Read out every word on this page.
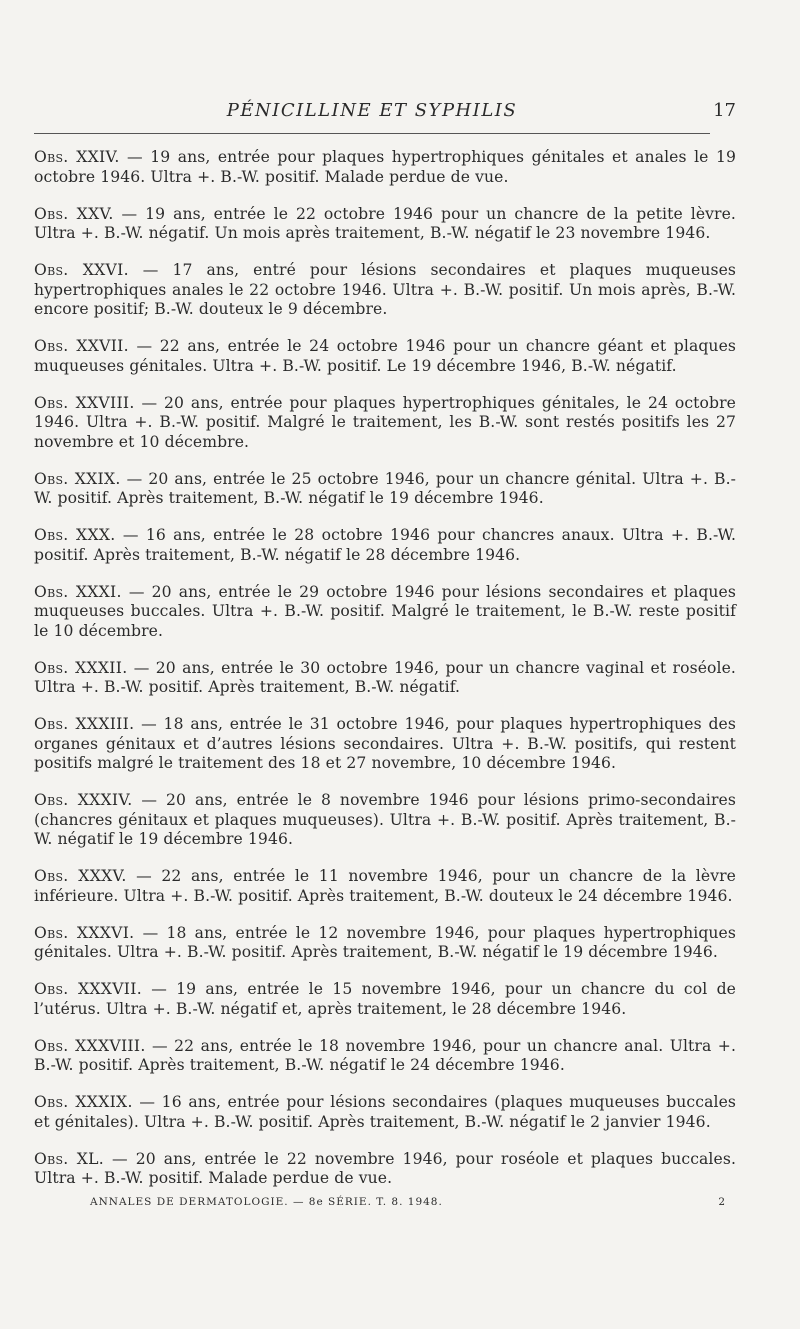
PÉNICILLINE ET SYPHILIS	17

Obs. XXIV. — 19 ans, entrée pour plaques hypertrophiques génitales et anales le 19 octobre 1946. Ultra +. B.-W. positif. Malade perdue de vue.

Obs. XXV. — 19 ans, entrée le 22 octobre 1946 pour un chancre de la petite lèvre. Ultra +. B.-W. négatif. Un mois après traitement, B.-W. négatif le 23 novembre 1946.

Obs. XXVI. — 17 ans, entré pour lésions secondaires et plaques muqueuses hypertrophiques anales le 22 octobre 1946. Ultra +. B.-W. positif. Un mois après, B.-W. encore positif; B.-W. douteux le 9 décembre.

Obs. XXVII. — 22 ans, entrée le 24 octobre 1946 pour un chancre géant et plaques muqueuses génitales. Ultra +. B.-W. positif. Le 19 décembre 1946, B.-W. négatif.

Obs. XXVIII. — 20 ans, entrée pour plaques hypertrophiques génitales, le 24 octobre 1946. Ultra +. B.-W. positif. Malgré le traitement, les B.-W. sont restés positifs les 27 novembre et 10 décembre.

Obs. XXIX. — 20 ans, entrée le 25 octobre 1946, pour un chancre génital. Ultra +. B.-W. positif. Après traitement, B.-W. négatif le 19 décembre 1946.

Obs. XXX. — 16 ans, entrée le 28 octobre 1946 pour chancres anaux. Ultra +. B.-W. positif. Après traitement, B.-W. négatif le 28 décembre 1946.

Obs. XXXI. — 20 ans, entrée le 29 octobre 1946 pour lésions secondaires et plaques muqueuses buccales. Ultra +. B.-W. positif. Malgré le traitement, le B.-W. reste positif le 10 décembre.

Obs. XXXII. — 20 ans, entrée le 30 octobre 1946, pour un chancre vaginal et roséole. Ultra +. B.-W. positif. Après traitement, B.-W. négatif.

Obs. XXXIII. — 18 ans, entrée le 31 octobre 1946, pour plaques hypertrophiques des organes génitaux et d’autres lésions secondaires. Ultra +. B.-W. positifs, qui restent positifs malgré le traitement des 18 et 27 novembre, 10 décembre 1946.

Obs. XXXIV. — 20 ans, entrée le 8 novembre 1946 pour lésions primo-secondaires (chancres génitaux et plaques muqueuses). Ultra +. B.-W. positif. Après traitement, B.-W. négatif le 19 décembre 1946.

Obs. XXXV. — 22 ans, entrée le 11 novembre 1946, pour un chancre de la lèvre inférieure. Ultra +. B.-W. positif. Après traitement, B.-W. douteux le 24 décembre 1946.

Obs. XXXVI. — 18 ans, entrée le 12 novembre 1946, pour plaques hypertrophiques génitales. Ultra +. B.-W. positif. Après traitement, B.-W. négatif le 19 décembre 1946.

Obs. XXXVII. — 19 ans, entrée le 15 novembre 1946, pour un chancre du col de l’utérus. Ultra +. B.-W. négatif et, après traitement, le 28 décembre 1946.

Obs. XXXVIII. — 22 ans, entrée le 18 novembre 1946, pour un chancre anal. Ultra +. B.-W. positif. Après traitement, B.-W. négatif le 24 décembre 1946.

Obs. XXXIX. — 16 ans, entrée pour lésions secondaires (plaques muqueuses buccales et génitales). Ultra +. B.-W. positif. Après traitement, B.-W. négatif le 2 janvier 1946.

Obs. XL. — 20 ans, entrée le 22 novembre 1946, pour roséole et plaques buccales. Ultra +. B.-W. positif. Malade perdue de vue.

ANNALES DE DERMATOLOGIE. — 8e SÉRIE. T. 8. 1948.	2
